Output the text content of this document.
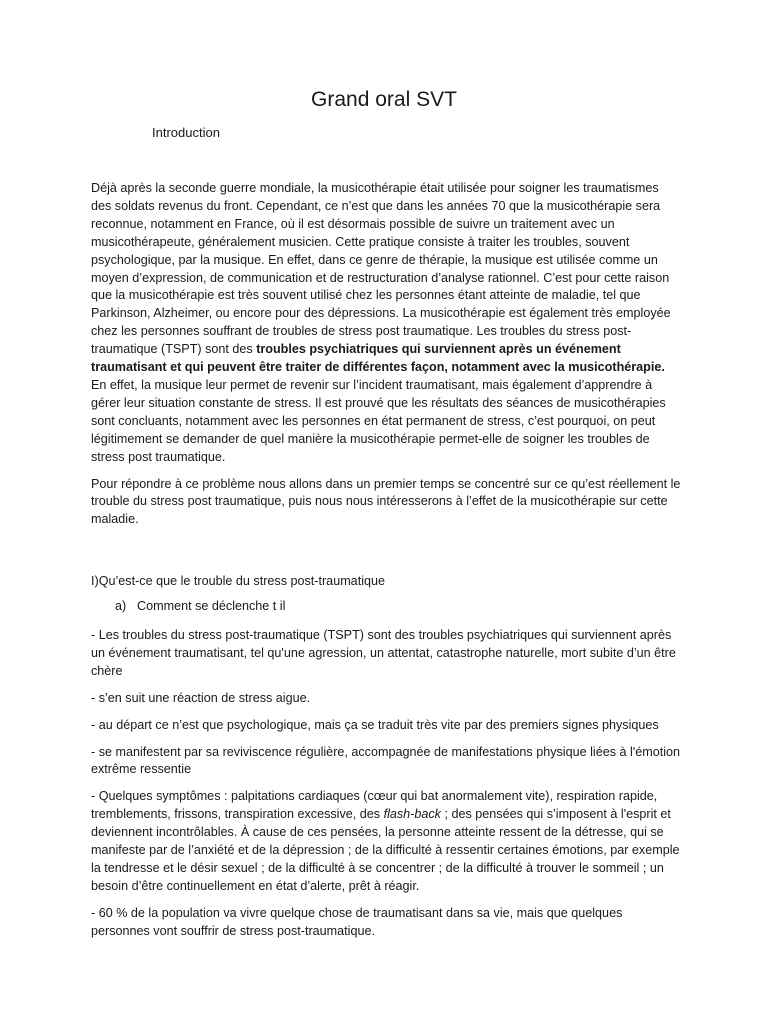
Grand oral SVT
Introduction

Déjà après la seconde guerre mondiale, la musicothérapie était utilisée pour soigner les traumatismes des soldats revenus du front. Cependant, ce n’est que dans les années 70 que la musicothérapie sera reconnue, notamment en France, où il est désormais possible de suivre un traitement avec un musicothérapeute, généralement musicien. Cette pratique consiste à traiter les troubles, souvent psychologique, par la musique. En effet, dans ce genre de thérapie, la musique est utilisée comme un moyen d’expression, de communication et de restructuration d’analyse rationnel. C’est pour cette raison que la musicothérapie est très souvent utilisé chez les personnes étant atteinte de maladie, tel que Parkinson, Alzheimer, ou encore pour des dépressions. La musicothérapie est également très employée chez les personnes souffrant de troubles de stress post traumatique. Les troubles du stress post-traumatique (TSPT) sont des troubles psychiatriques qui surviennent après un événement traumatisant et qui peuvent être traiter de différentes façon, notamment avec la musicothérapie. En effet, la musique leur permet de revenir sur l’incident traumatisant, mais également d’apprendre à gérer leur situation constante de stress. Il est prouvé que les résultats des séances de musicothérapies sont concluants, notamment avec les personnes en état permanent de stress, c’est pourquoi, on peut légitimement se demander de quel manière la musicothérapie permet-elle de soigner les troubles de stress post traumatique.

Pour répondre à ce problème nous allons dans un premier temps se concentré sur ce qu’est réellement le trouble du stress post traumatique, puis nous nous intéresserons à l’effet de la musicothérapie sur cette maladie.

I)Qu’est-ce que le trouble du stress post-traumatique

a) Comment se déclenche t il

- Les troubles du stress post-traumatique (TSPT) sont des troubles psychiatriques qui surviennent après un événement traumatisant, tel qu'une agression, un attentat, catastrophe naturelle, mort subite d’un être chère

- s’en suit une réaction de stress aigue.

- au départ ce n’est que psychologique, mais ça se traduit très vite par des premiers signes physiques

- se manifestent par sa reviviscence régulière, accompagnée de manifestations physique liées à l'émotion extrême ressentie

- Quelques symptômes : palpitations cardiaques (cœur qui bat anormalement vite), respiration rapide, tremblements, frissons, transpiration excessive, des flash-back ; des pensées qui s’imposent à l'esprit et deviennent incontrôlables. À cause de ces pensées, la personne atteinte ressent de la détresse, qui se manifeste par de l’anxiété et de la dépression ; de la difficulté à ressentir certaines émotions, par exemple la tendresse et le désir sexuel ; de la difficulté à se concentrer ; de la difficulté à trouver le sommeil ; un besoin d’être continuellement en état d’alerte, prêt à réagir.

- 60 % de la population va vivre quelque chose de traumatisant dans sa vie, mais que quelques personnes vont souffrir de stress post-traumatique.
